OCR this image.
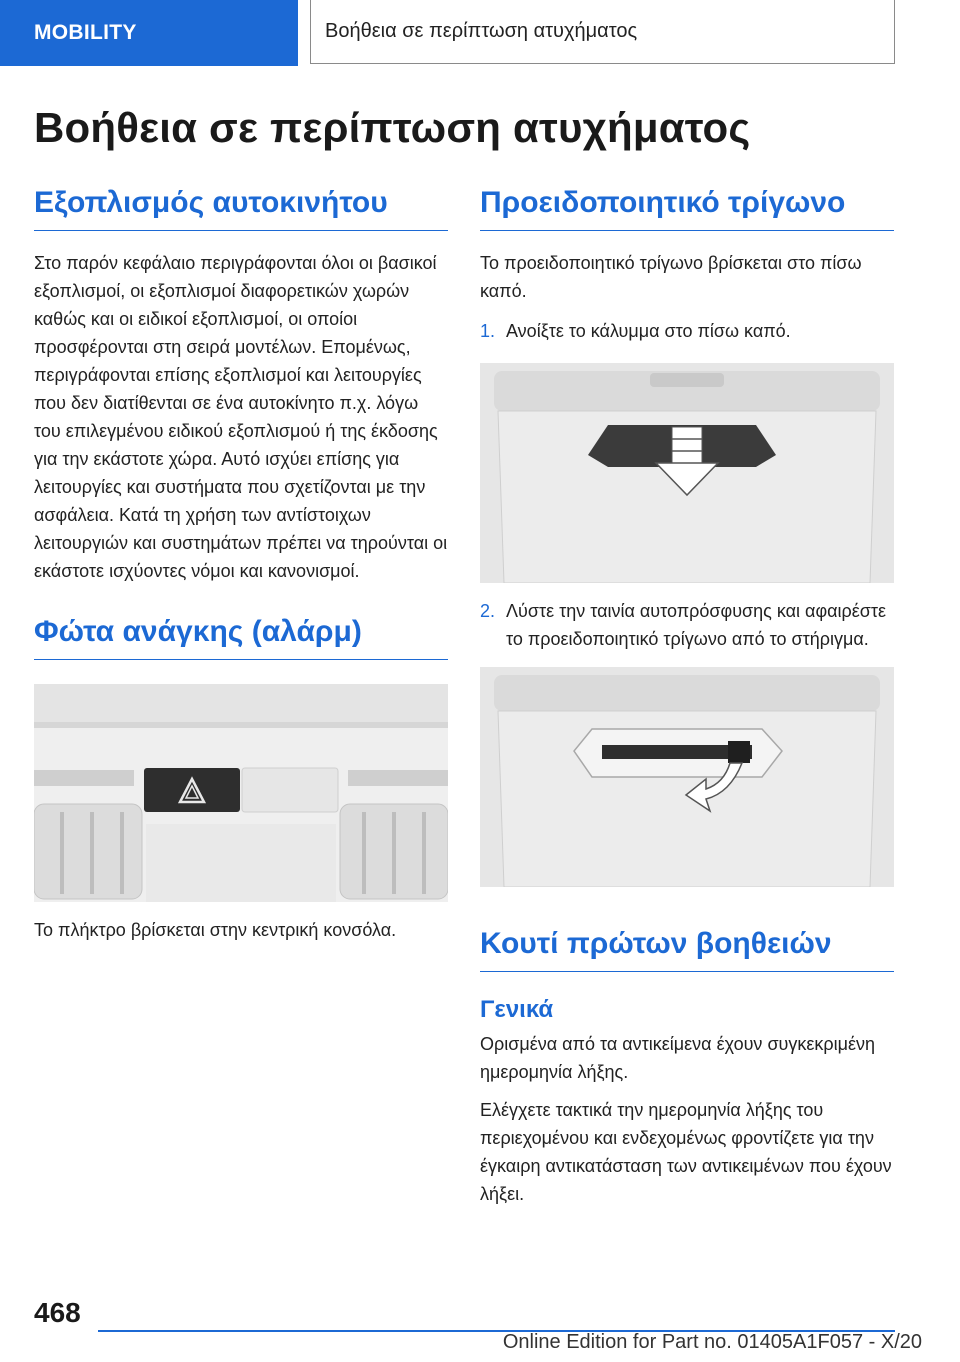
MOBILITY	Βοήθεια σε περίπτωση ατυχήματος
Βοήθεια σε περίπτωση ατυχήματος
Εξοπλισμός αυτοκινήτου

Στο παρόν κεφάλαιο περιγράφονται όλοι οι βασικοί εξοπλισμοί, οι εξοπλισμοί διαφορετικών χωρών καθώς και οι ειδικοί εξοπλισμοί, οι οποίοι προσφέρονται στη σειρά μοντέλων. Επομένως, περιγράφονται επίσης εξοπλισμοί και λειτουργίες που δεν διατίθενται σε ένα αυτοκίνητο π.χ. λόγω του επιλεγμένου ειδικού εξοπλισμού ή της έκδοσης για την εκάστοτε χώρα. Αυτό ισχύει επίσης για λειτουργίες και συστήματα που σχετίζονται με την ασφάλεια. Κατά τη χρήση των αντίστοιχων λειτουργιών και συστημάτων πρέπει να τηρούνται οι εκάστοτε ισχύοντες νόμοι και κανονισμοί.

Φώτα ανάγκης (αλάρμ)

Το πλήκτρο βρίσκεται στην κεντρική κονσόλα.

Προειδοποιητικό τρίγωνο

Το προειδοποιητικό τρίγωνο βρίσκεται στο πίσω καπό.

1. Ανοίξτε το κάλυμμα στο πίσω καπό.
2. Λύστε την ταινία αυτοπρόσφυσης και αφαιρέστε το προειδοποιητικό τρίγωνο από το στήριγμα.
Κουτί πρώτων βοηθειών
Γενικά

Ορισμένα από τα αντικείμενα έχουν συγκεκριμένη ημερομηνία λήξης.

Ελέγχετε τακτικά την ημερομηνία λήξης του περιεχομένου και ενδεχομένως φροντίζετε για την έγκαιρη αντικατάσταση των αντικειμένων που έχουν λήξει.

468
Online Edition for Part no. 01405A1F057 - X/20
